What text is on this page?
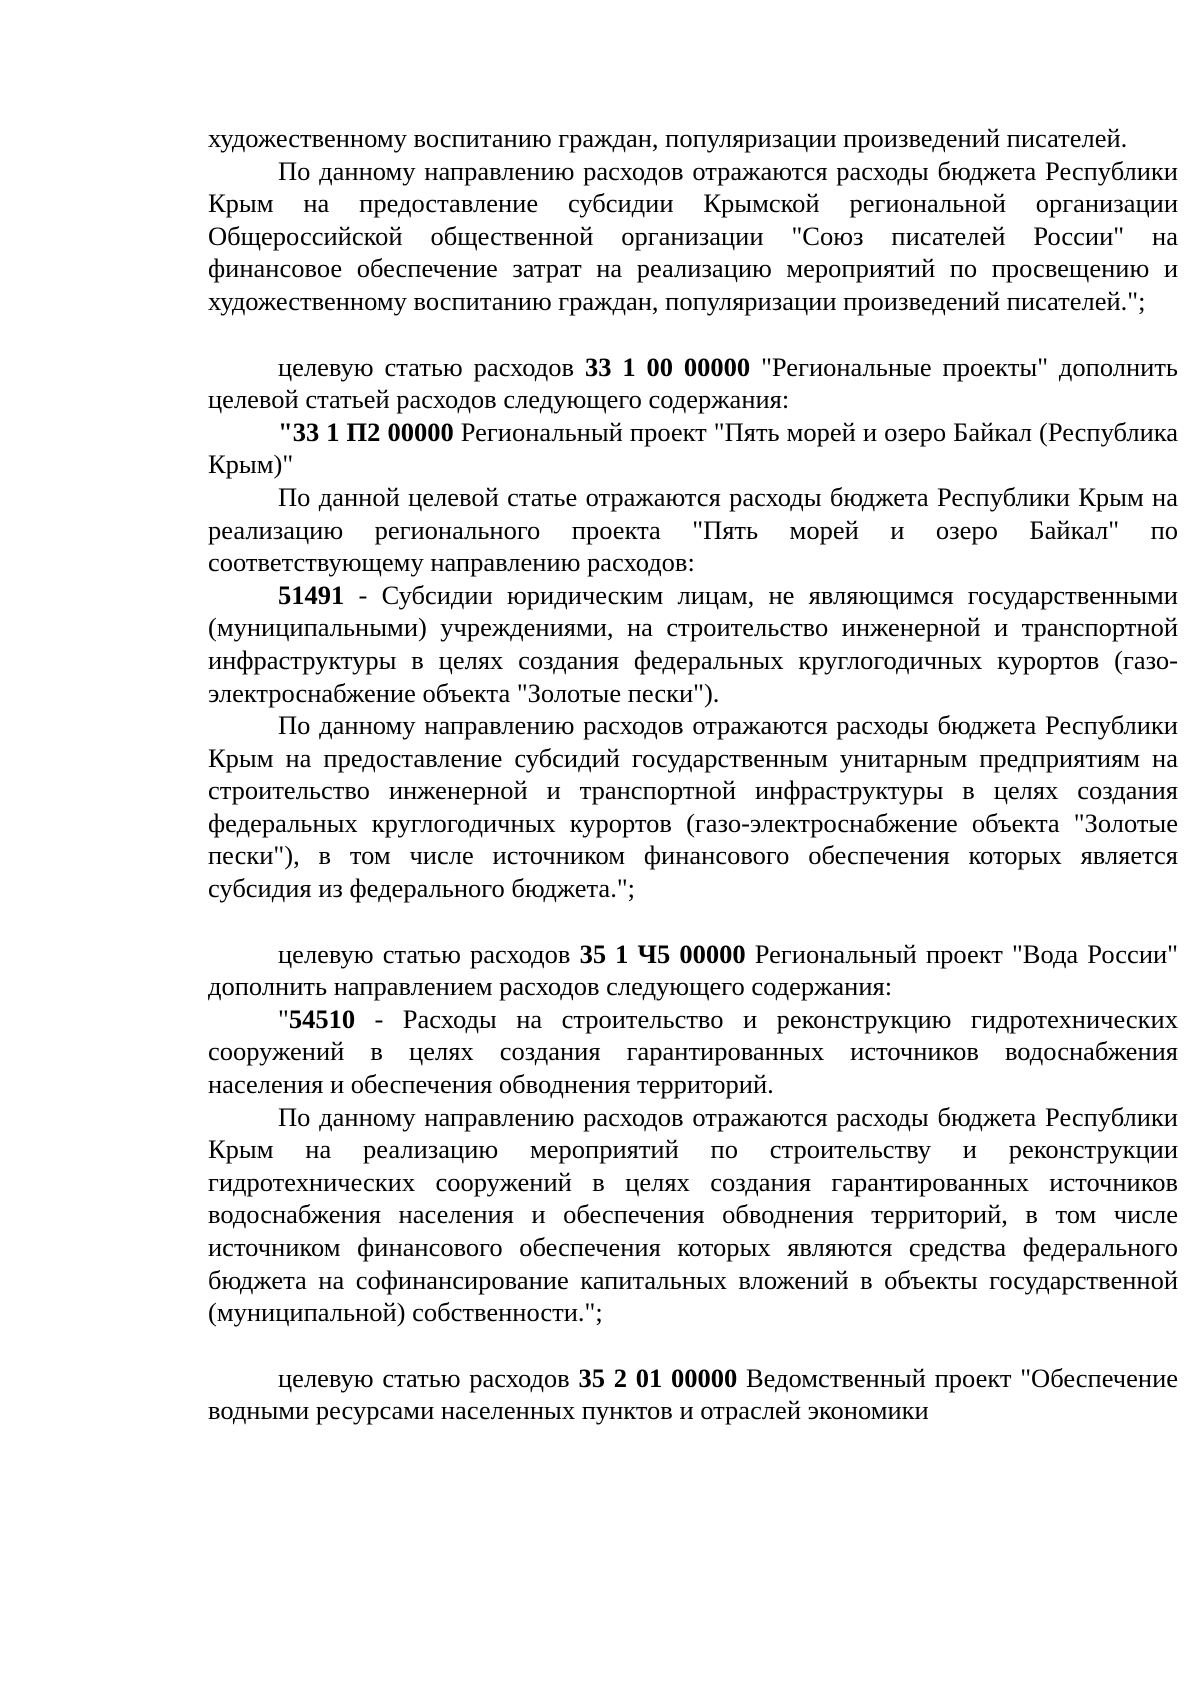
художественному воспитанию граждан, популяризации произведений писателей.

По данному направлению расходов отражаются расходы бюджета Республики Крым на предоставление субсидии Крымской региональной организации Общероссийской общественной организации "Союз писателей России" на финансовое обеспечение затрат на реализацию мероприятий по просвещению и художественному воспитанию граждан, популяризации произведений писателей.";

целевую статью расходов 33 1 00 00000 "Региональные проекты" дополнить целевой статьей расходов следующего содержания:

"33 1 П2 00000 Региональный проект "Пять морей и озеро Байкал (Республика Крым)"

По данной целевой статье отражаются расходы бюджета Республики Крым на реализацию регионального проекта "Пять морей и озеро Байкал" по соответствующему направлению расходов:

51491 - Субсидии юридическим лицам, не являющимся государственными (муниципальными) учреждениями, на строительство инженерной и транспортной инфраструктуры в целях создания федеральных круглогодичных курортов (газо-электроснабжение объекта "Золотые пески").

По данному направлению расходов отражаются расходы бюджета Республики Крым на предоставление субсидий государственным унитарным предприятиям на строительство инженерной и транспортной инфраструктуры в целях создания федеральных круглогодичных курортов (газо-электроснабжение объекта "Золотые пески"), в том числе источником финансового обеспечения которых является субсидия из федерального бюджета.";

целевую статью расходов 35 1 Ч5 00000 Региональный проект "Вода России" дополнить направлением расходов следующего содержания:

"54510 - Расходы на строительство и реконструкцию гидротехнических сооружений в целях создания гарантированных источников водоснабжения населения и обеспечения обводнения территорий.

По данному направлению расходов отражаются расходы бюджета Республики Крым на реализацию мероприятий по строительству и реконструкции гидротехнических сооружений в целях создания гарантированных источников водоснабжения населения и обеспечения обводнения территорий, в том числе источником финансового обеспечения которых являются средства федерального бюджета на софинансирование капитальных вложений в объекты государственной (муниципальной) собственности.";

целевую статью расходов 35 2 01 00000 Ведомственный проект "Обеспечение водными ресурсами населенных пунктов и отраслей экономики
